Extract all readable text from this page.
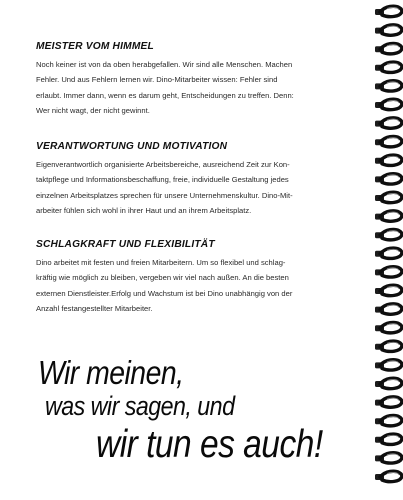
MEISTER VOM HIMMEL

Noch keiner ist von da oben herabgefallen. Wir sind alle Menschen. Machen
Fehler. Und aus Fehlern lernen wir. Dino-Mitarbeiter wissen: Fehler sind
erlaubt. Immer dann, wenn es darum geht, Entscheidungen zu treffen. Denn:
Wer nicht wagt, der nicht gewinnt.

VERANTWORTUNG UND MOTIVATION

Eigenverantwortlich organisierte Arbeitsbereiche, ausreichend Zeit zur Kon-
taktpflege und Informationsbeschaffung, freie, individuelle Gestaltung jedes
einzelnen Arbeitsplatzes sprechen für unsere Unternehmenskultur. Dino-Mit-
arbeiter fühlen sich wohl in ihrer Haut und an ihrem Arbeitsplatz.

SCHLAGKRAFT UND FLEXIBILITÄT

Dino arbeitet mit festen und freien Mitarbeitern. Um so flexibel und schlag-
kräftig wie möglich zu bleiben, vergeben wir viel nach außen. An die besten
externen Dienstleister.Erfolg und Wachstum ist bei Dino unabhängig von der
Anzahl festangestellter Mitarbeiter.

Wir meinen,
was wir sagen, und
wir tun es auch!
